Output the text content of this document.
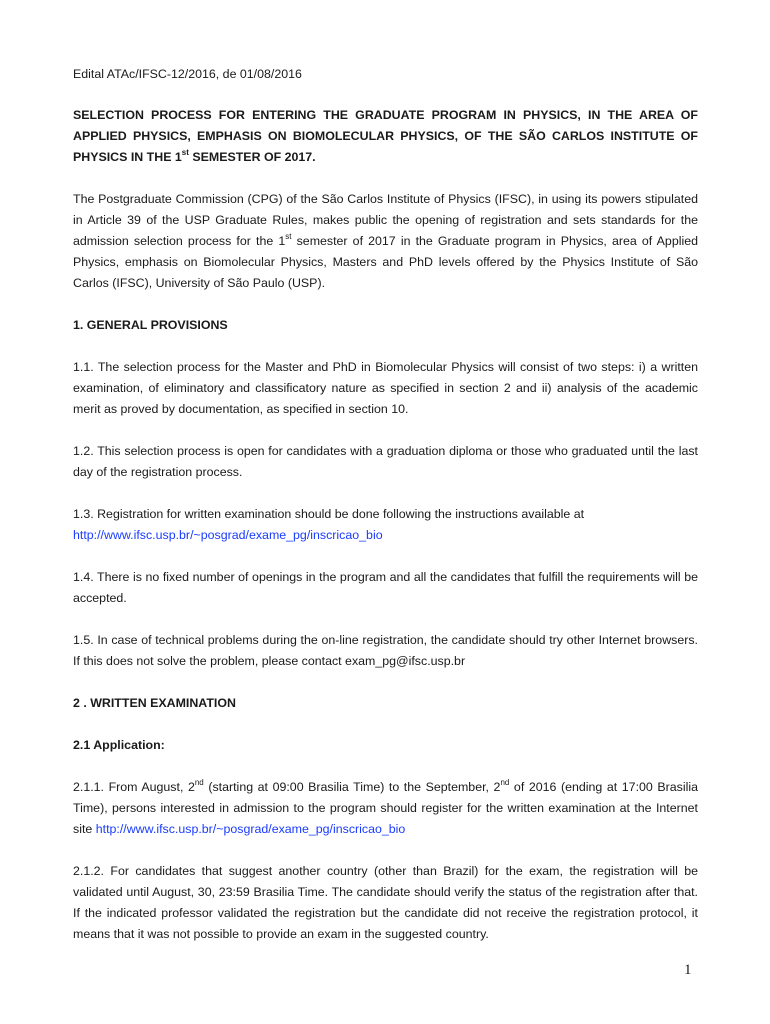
Edital ATAc/IFSC-12/2016, de 01/08/2016

SELECTION PROCESS FOR ENTERING THE GRADUATE PROGRAM IN PHYSICS, IN THE AREA OF APPLIED PHYSICS, EMPHASIS ON BIOMOLECULAR PHYSICS, OF THE SÃO CARLOS INSTITUTE OF PHYSICS IN THE 1st SEMESTER OF 2017.

The Postgraduate Commission (CPG) of the São Carlos Institute of Physics (IFSC), in using its powers stipulated in Article 39 of the USP Graduate Rules, makes public the opening of registration and sets standards for the admission selection process for the 1st semester of 2017 in the Graduate program in Physics, area of Applied Physics, emphasis on Biomolecular Physics, Masters and PhD levels offered by the Physics Institute of São Carlos (IFSC), University of São Paulo (USP).

1. GENERAL PROVISIONS

1.1. The selection process for the Master and PhD in Biomolecular Physics will consist of two steps: i) a written examination, of eliminatory and classificatory nature as specified in section 2 and ii) analysis of the academic merit as proved by documentation, as specified in section 10.

1.2. This selection process is open for candidates with a graduation diploma or those who graduated until the last day of the registration process.

1.3. Registration for written examination should be done following the instructions available at
http://www.ifsc.usp.br/~posgrad/exame_pg/inscricao_bio

1.4. There is no fixed number of openings in the program and all the candidates that fulfill the requirements will be accepted.

1.5. In case of technical problems during the on-line registration, the candidate should try other Internet browsers. If this does not solve the problem, please contact exam_pg@ifsc.usp.br

2 . WRITTEN EXAMINATION

2.1 Application:

2.1.1. From August, 2nd (starting at 09:00 Brasilia Time) to the September, 2nd of 2016 (ending at 17:00 Brasilia Time), persons interested in admission to the program should register for the written examination at the Internet site http://www.ifsc.usp.br/~posgrad/exame_pg/inscricao_bio

2.1.2. For candidates that suggest another country (other than Brazil) for the exam, the registration will be validated until August, 30, 23:59 Brasilia Time. The candidate should verify the status of the registration after that. If the indicated professor validated the registration but the candidate did not receive the registration protocol, it means that it was not possible to provide an exam in the suggested country.

1
